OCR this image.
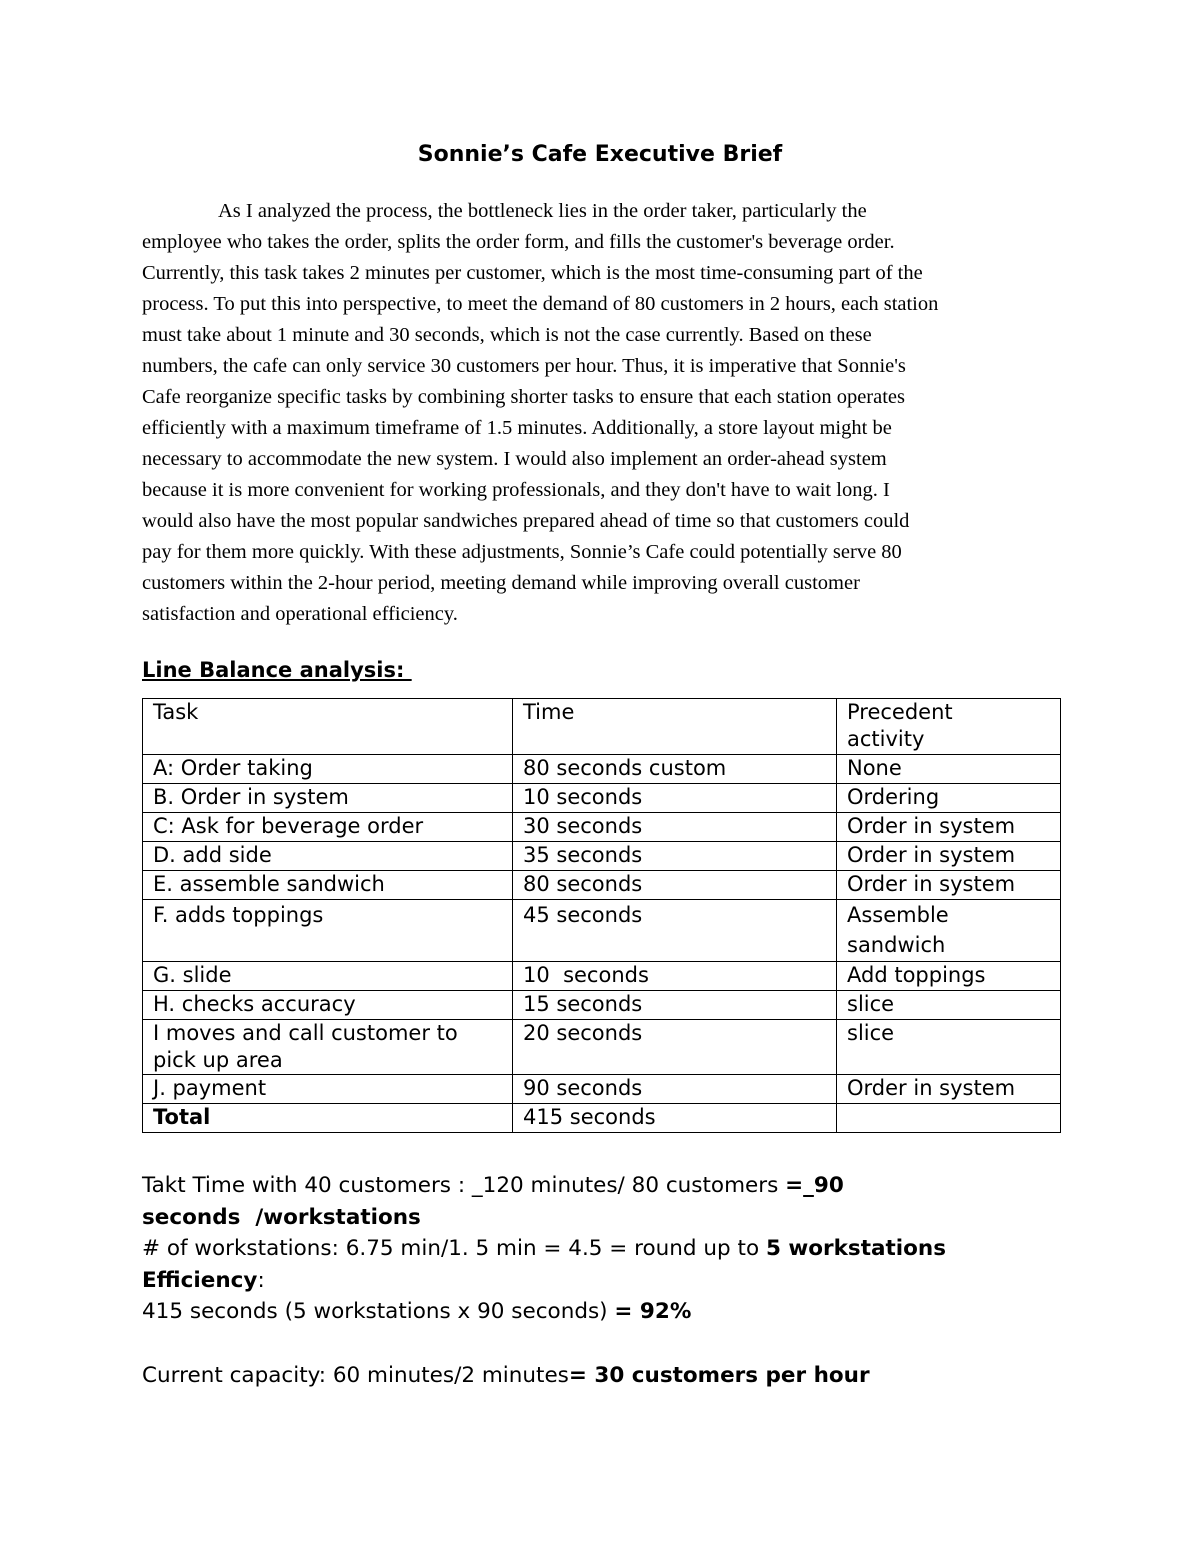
Sonnie’s Cafe Executive Brief

As I analyzed the process, the bottleneck lies in the order taker, particularly the
employee who takes the order, splits the order form, and fills the customer's beverage order.
Currently, this task takes 2 minutes per customer, which is the most time-consuming part of the
process. To put this into perspective, to meet the demand of 80 customers in 2 hours, each station
must take about 1 minute and 30 seconds, which is not the case currently. Based on these
numbers, the cafe can only service 30 customers per hour. Thus, it is imperative that Sonnie's
Cafe reorganize specific tasks by combining shorter tasks to ensure that each station operates
efficiently with a maximum timeframe of 1.5 minutes. Additionally, a store layout might be
necessary to accommodate the new system. I would also implement an order-ahead system
because it is more convenient for working professionals, and they don't have to wait long. I
would also have the most popular sandwiches prepared ahead of time so that customers could
pay for them more quickly. With these adjustments, Sonnie’s Cafe could potentially serve 80
customers within the 2-hour period, meeting demand while improving overall customer
satisfaction and operational efficiency.

Line Balance analysis:
Task	Time	Precedent
activity
A: Order taking	80 seconds custom	None
B. Order in system	10 seconds	Ordering
C: Ask for beverage order	30 seconds	Order in system
D. add side	35 seconds	Order in system
E. assemble sandwich	80 seconds	Order in system
F. adds toppings	45 seconds	Assemble
sandwich
G. slide	10  seconds	Add toppings
H. checks accuracy	15 seconds	slice
I moves and call customer to
pick up area	20 seconds	slice
J. payment	90 seconds	Order in system
Total	415 seconds	
Takt Time with 40 customers : _120 minutes/ 80 customers =_90
seconds  /workstations
# of workstations: 6.75 min/1. 5 min = 4.5 = round up to 5 workstations
Efficiency:
415 seconds (5 workstations x 90 seconds) = 92%
Current capacity: 60 minutes/2 minutes= 30 customers per hour
